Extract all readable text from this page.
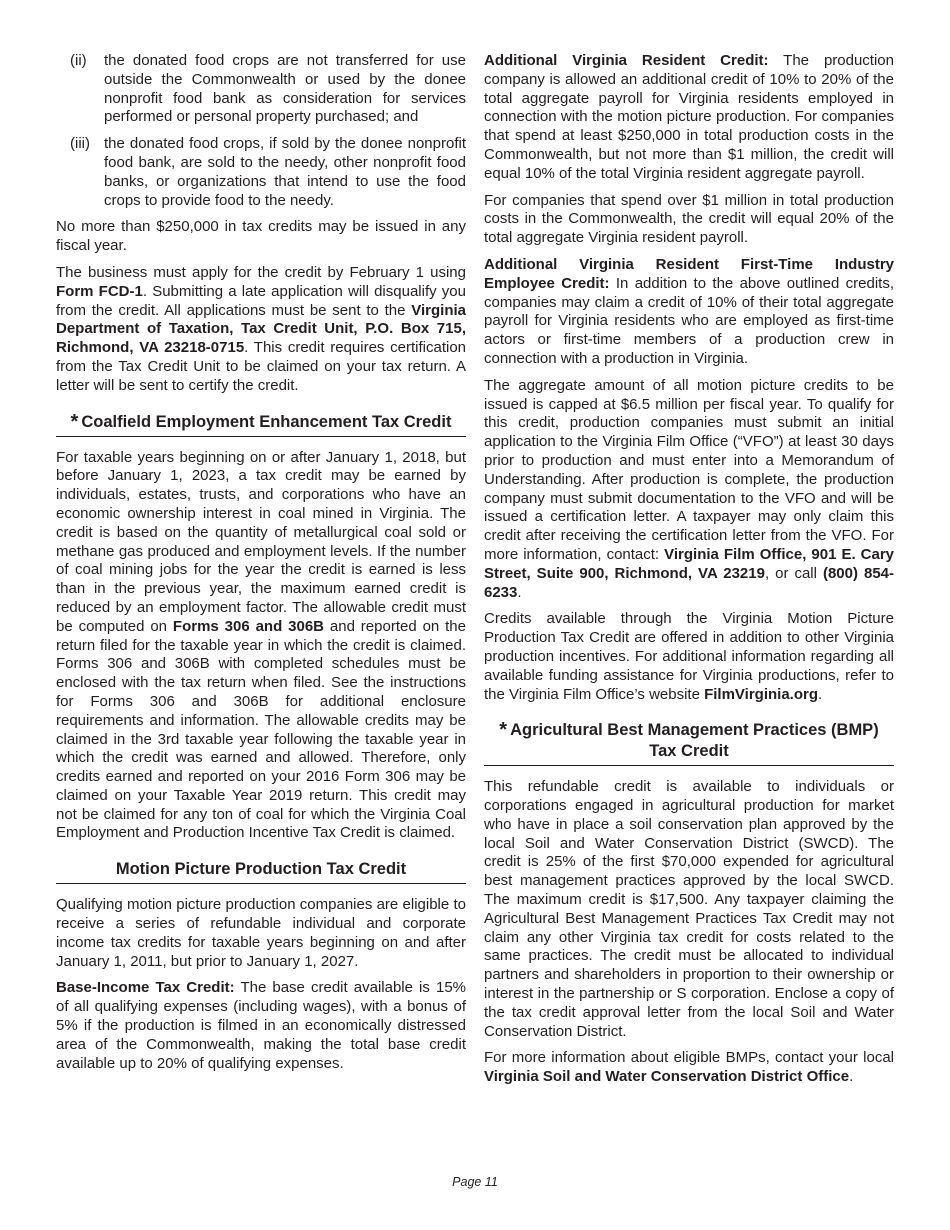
(ii)	the donated food crops are not transferred for use outside the Commonwealth or used by the donee nonprofit food bank as consideration for services performed or personal property purchased; and
(iii) the donated food crops, if sold by the donee nonprofit food bank, are sold to the needy, other nonprofit food banks, or organizations that intend to use the food crops to provide food to the needy.

No more than $250,000 in tax credits may be issued in any fiscal year.

The business must apply for the credit by February 1 using Form FCD-1. Submitting a late application will disqualify you from the credit. All applications must be sent to the Virginia Department of Taxation, Tax Credit Unit, P.O. Box 715, Richmond, VA 23218-0715. This credit requires certification from the Tax Credit Unit to be claimed on your tax return. A letter will be sent to certify the credit.

* Coalfield Employment Enhancement Tax Credit

For taxable years beginning on or after January 1, 2018, but before January 1, 2023, a tax credit may be earned by individuals, estates, trusts, and corporations who have an economic ownership interest in coal mined in Virginia. The credit is based on the quantity of metallurgical coal sold or methane gas produced and employment levels. If the number of coal mining jobs for the year the credit is earned is less than in the previous year, the maximum earned credit is reduced by an employment factor. The allowable credit must be computed on Forms 306 and 306B and reported on the return filed for the taxable year in which the credit is claimed. Forms 306 and 306B with completed schedules must be enclosed with the tax return when filed. See the instructions for Forms 306 and 306B for additional enclosure requirements and information. The allowable credits may be claimed in the 3rd taxable year following the taxable year in which the credit was earned and allowed. Therefore, only credits earned and reported on your 2016 Form 306 may be claimed on your Taxable Year 2019 return. This credit may not be claimed for any ton of coal for which the Virginia Coal Employment and Production Incentive Tax Credit is claimed.

Motion Picture Production Tax Credit

Qualifying motion picture production companies are eligible to receive a series of refundable individual and corporate income tax credits for taxable years beginning on and after January 1, 2011, but prior to January 1, 2027.

Base-Income Tax Credit: The base credit available is 15% of all qualifying expenses (including wages), with a bonus of 5% if the production is filmed in an economically distressed area of the Commonwealth, making the total base credit available up to 20% of qualifying expenses.

Additional Virginia Resident Credit: The production company is allowed an additional credit of 10% to 20% of the total aggregate payroll for Virginia residents employed in connection with the motion picture production. For companies that spend at least $250,000 in total production costs in the Commonwealth, but not more than $1 million, the credit will equal 10% of the total Virginia resident aggregate payroll.

For companies that spend over $1 million in total production costs in the Commonwealth, the credit will equal 20% of the total aggregate Virginia resident payroll.

Additional Virginia Resident First-Time Industry Employee Credit: In addition to the above outlined credits, companies may claim a credit of 10% of their total aggregate payroll for Virginia residents who are employed as first-time actors or first-time members of a production crew in connection with a production in Virginia.

The aggregate amount of all motion picture credits to be issued is capped at $6.5 million per fiscal year. To qualify for this credit, production companies must submit an initial application to the Virginia Film Office (“VFO”) at least 30 days prior to production and must enter into a Memorandum of Understanding. After production is complete, the production company must submit documentation to the VFO and will be issued a certification letter. A taxpayer may only claim this credit after receiving the certification letter from the VFO. For more information, contact: Virginia Film Office, 901 E. Cary Street, Suite 900, Richmond, VA 23219, or call (800) 854-6233.

Credits available through the Virginia Motion Picture Production Tax Credit are offered in addition to other Virginia production incentives. For additional information regarding all available funding assistance for Virginia productions, refer to the Virginia Film Office’s website FilmVirginia.org.

* Agricultural Best Management Practices (BMP)
Tax Credit

This refundable credit is available to individuals or corporations engaged in agricultural production for market who have in place a soil conservation plan approved by the local Soil and Water Conservation District (SWCD). The credit is 25% of the first $70,000 expended for agricultural best management practices approved by the local SWCD. The maximum credit is $17,500. Any taxpayer claiming the Agricultural Best Management Practices Tax Credit may not claim any other Virginia tax credit for costs related to the same practices. The credit must be allocated to individual partners and shareholders in proportion to their ownership or interest in the partnership or S corporation. Enclose a copy of the tax credit approval letter from the local Soil and Water Conservation District.

For more information about eligible BMPs, contact your local Virginia Soil and Water Conservation District Office.

Page 11
